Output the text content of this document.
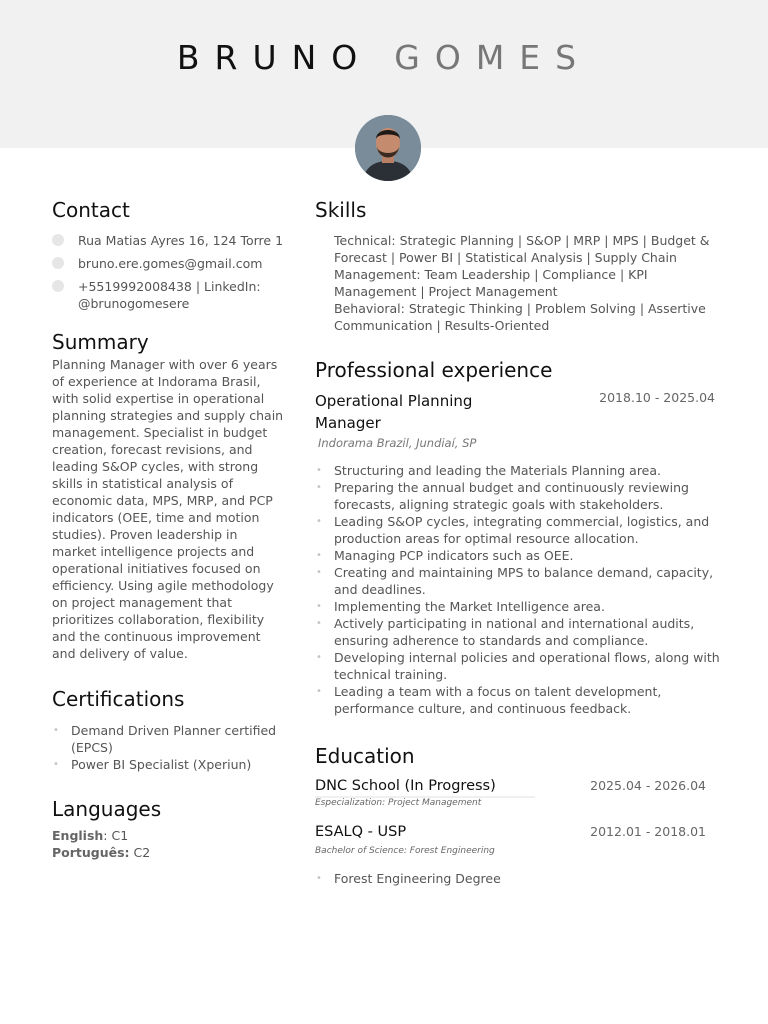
BRUNO GOMES
Contact
Rua Matias Ayres 16, 124 Torre 1
bruno.ere.gomes@gmail.com
+5519992008438 | LinkedIn: @brunogomesere
Summary
Planning Manager with over 6 years of experience at Indorama Brasil, with solid expertise in operational planning strategies and supply chain management. Specialist in budget creation, forecast revisions, and leading S&OP cycles, with strong skills in statistical analysis of economic data, MPS, MRP, and PCP indicators (OEE, time and motion studies). Proven leadership in market intelligence projects and operational initiatives focused on efficiency. Using agile methodology on project management that prioritizes collaboration, flexibility and the continuous improvement and delivery of value.
Certifications
• Demand Driven Planner certified (EPCS)
• Power BI Specialist (Xperiun)
Languages
English: C1
Português: C2
Skills
Technical: Strategic Planning | S&OP | MRP | MPS | Budget & Forecast | Power BI | Statistical Analysis | Supply Chain
Management: Team Leadership | Compliance | KPI Management | Project Management
Behavioral: Strategic Thinking | Problem Solving | Assertive Communication | Results-Oriented
Professional experience
Operational Planning Manager
2018.10 - 2025.04
Indorama Brazil, Jundiaí, SP
• Structuring and leading the Materials Planning area.
• Preparing the annual budget and continuously reviewing forecasts, aligning strategic goals with stakeholders.
• Leading S&OP cycles, integrating commercial, logistics, and production areas for optimal resource allocation.
• Managing PCP indicators such as OEE.
• Creating and maintaining MPS to balance demand, capacity, and deadlines.
• Implementing the Market Intelligence area.
• Actively participating in national and international audits, ensuring adherence to standards and compliance.
• Developing internal policies and operational flows, along with technical training.
• Leading a team with a focus on talent development, performance culture, and continuous feedback.
Education
DNC School (In Progress)	2025.04 - 2026.04
Especialization: Project Management
ESALQ - USP	2012.01 - 2018.01
Bachelor of Science: Forest Engineering
• Forest Engineering Degree
